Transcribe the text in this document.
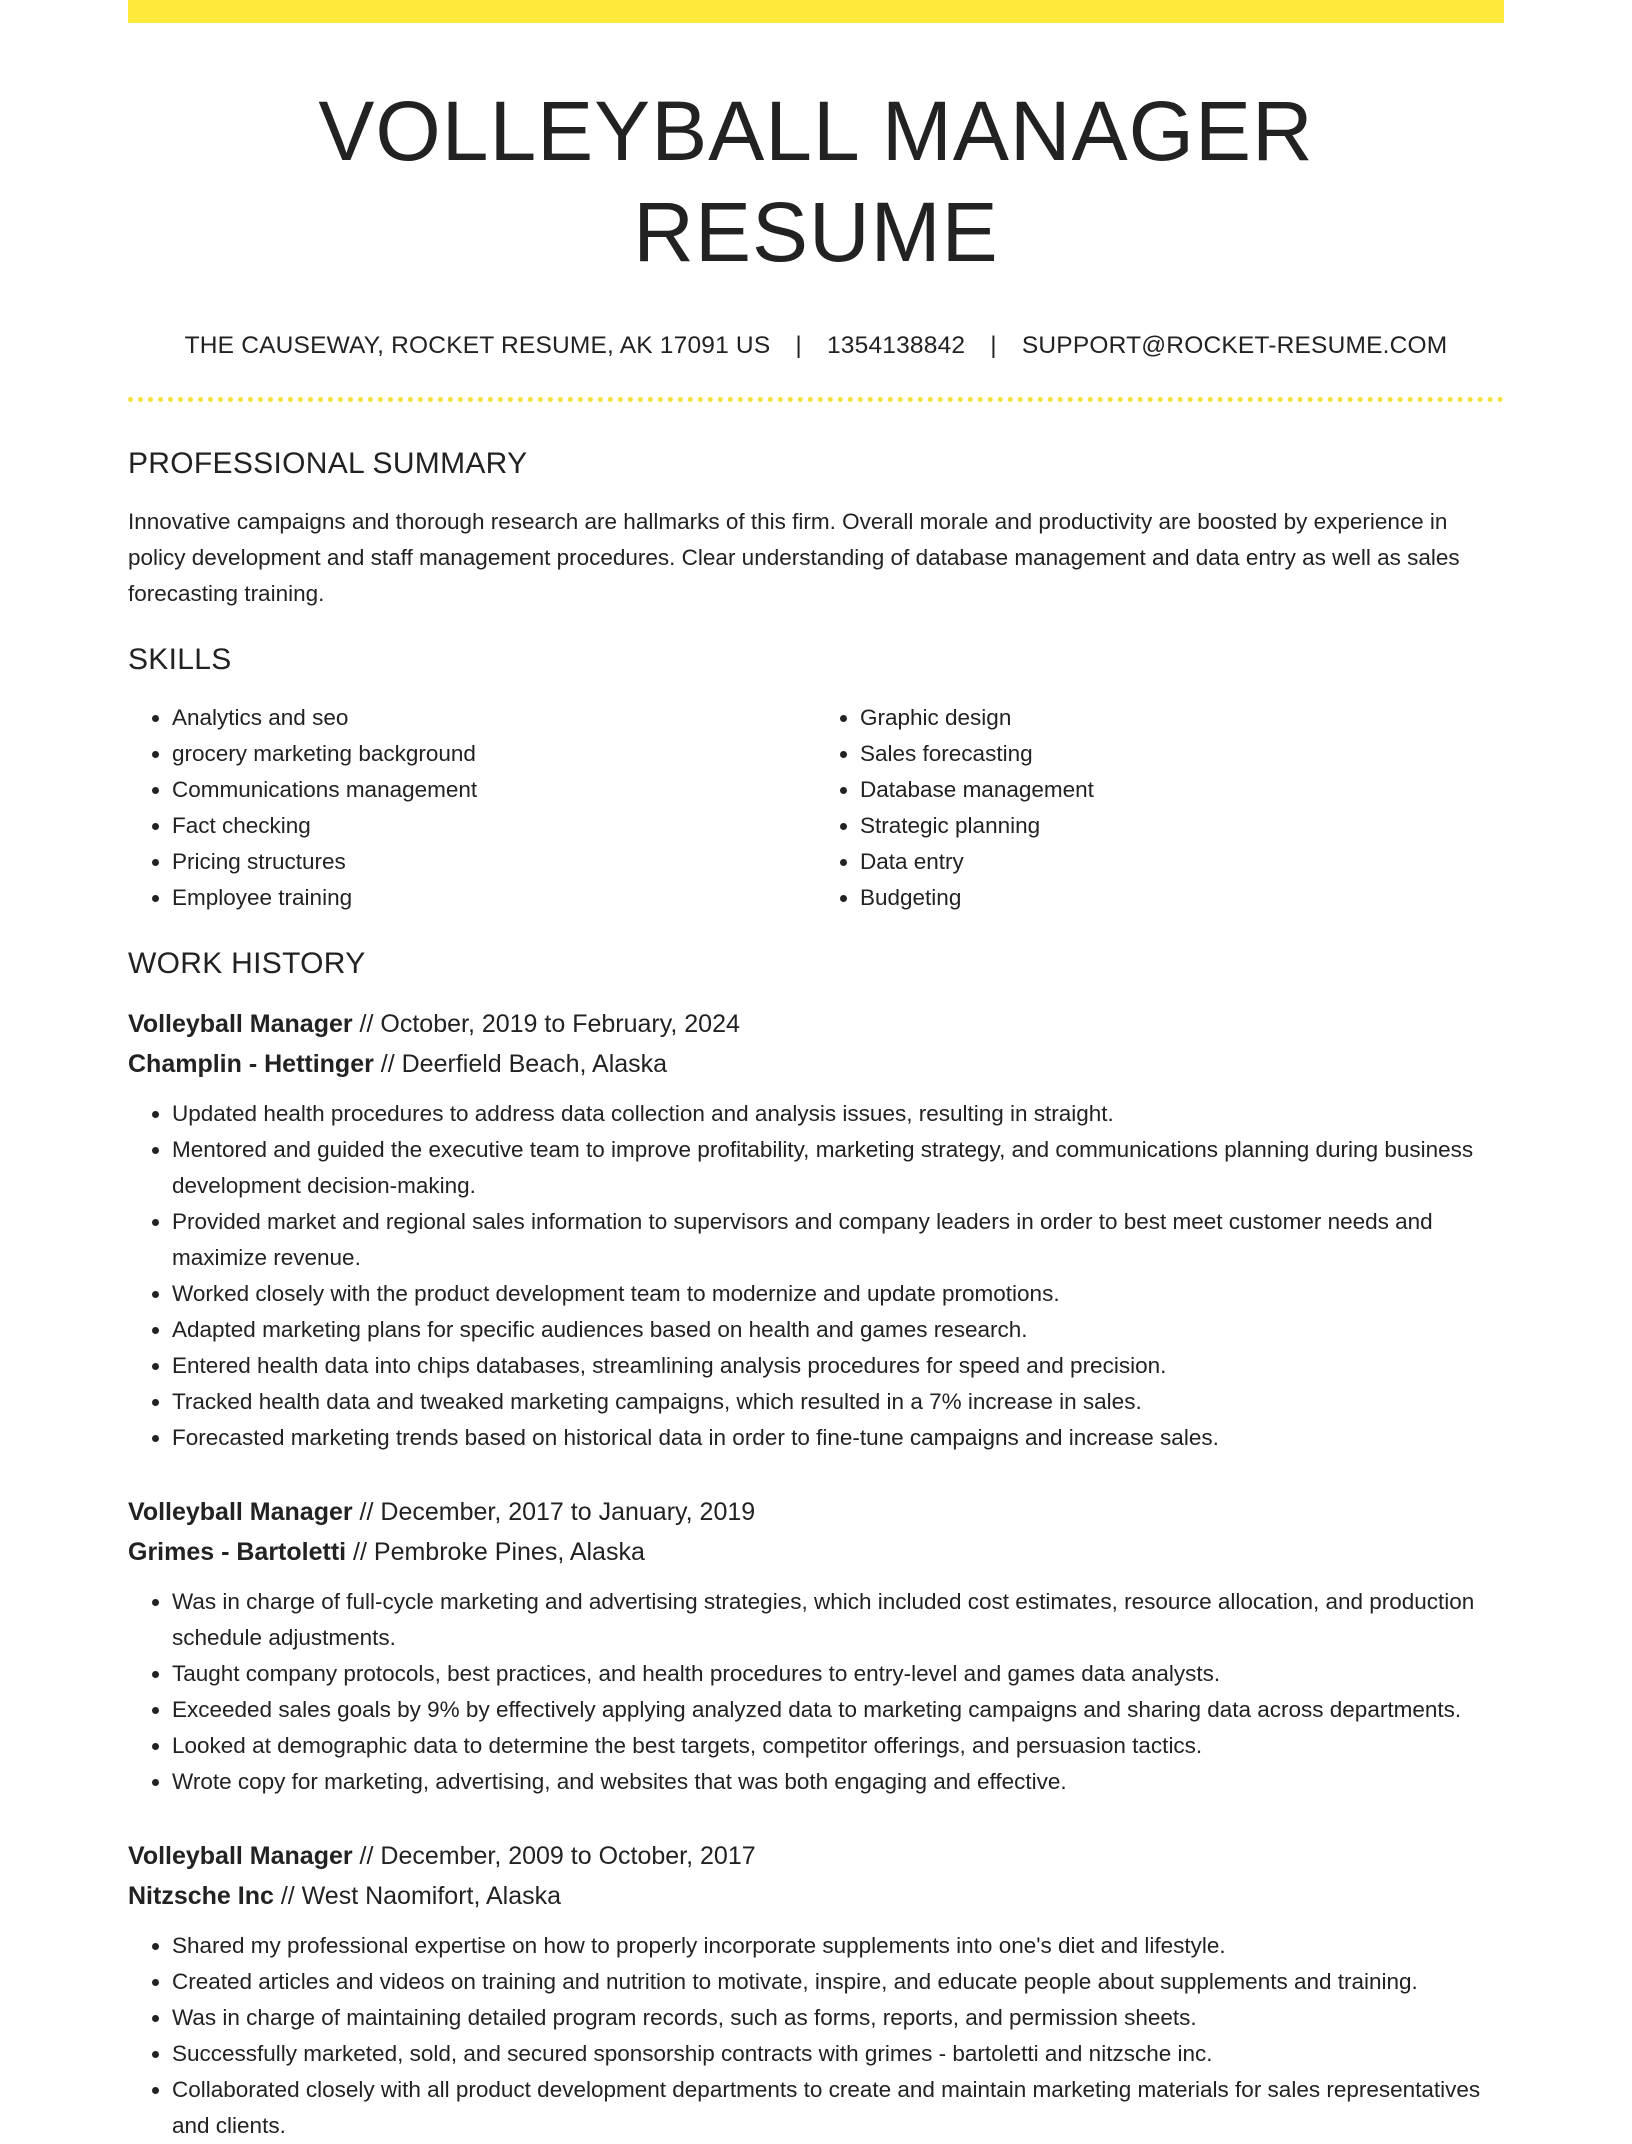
VOLLEYBALL MANAGER RESUME
THE CAUSEWAY, ROCKET RESUME, AK 17091 US | 1354138842 | SUPPORT@ROCKET-RESUME.COM
PROFESSIONAL SUMMARY

Innovative campaigns and thorough research are hallmarks of this firm. Overall morale and productivity are boosted by experience in policy development and staff management procedures. Clear understanding of database management and data entry as well as sales forecasting training.

SKILLS
• Analytics and seo
• grocery marketing background
• Communications management
• Fact checking
• Pricing structures
• Employee training
• Graphic design
• Sales forecasting
• Database management
• Strategic planning
• Data entry
• Budgeting
WORK HISTORY
Volleyball Manager // October, 2019 to February, 2024
Champlin - Hettinger // Deerfield Beach, Alaska
• Updated health procedures to address data collection and analysis issues, resulting in straight.
• Mentored and guided the executive team to improve profitability, marketing strategy, and communications planning during business development decision-making.
• Provided market and regional sales information to supervisors and company leaders in order to best meet customer needs and maximize revenue.
• Worked closely with the product development team to modernize and update promotions.
• Adapted marketing plans for specific audiences based on health and games research.
• Entered health data into chips databases, streamlining analysis procedures for speed and precision.
• Tracked health data and tweaked marketing campaigns, which resulted in a 7% increase in sales.
• Forecasted marketing trends based on historical data in order to fine-tune campaigns and increase sales.
Volleyball Manager // December, 2017 to January, 2019
Grimes - Bartoletti // Pembroke Pines, Alaska
• Was in charge of full-cycle marketing and advertising strategies, which included cost estimates, resource allocation, and production schedule adjustments.
• Taught company protocols, best practices, and health procedures to entry-level and games data analysts.
• Exceeded sales goals by 9% by effectively applying analyzed data to marketing campaigns and sharing data across departments.
• Looked at demographic data to determine the best targets, competitor offerings, and persuasion tactics.
• Wrote copy for marketing, advertising, and websites that was both engaging and effective.
Volleyball Manager // December, 2009 to October, 2017
Nitzsche Inc // West Naomifort, Alaska
• Shared my professional expertise on how to properly incorporate supplements into one's diet and lifestyle.
• Created articles and videos on training and nutrition to motivate, inspire, and educate people about supplements and training.
• Was in charge of maintaining detailed program records, such as forms, reports, and permission sheets.
• Successfully marketed, sold, and secured sponsorship contracts with grimes - bartoletti and nitzsche inc.
• Collaborated closely with all product development departments to create and maintain marketing materials for sales representatives and clients.
